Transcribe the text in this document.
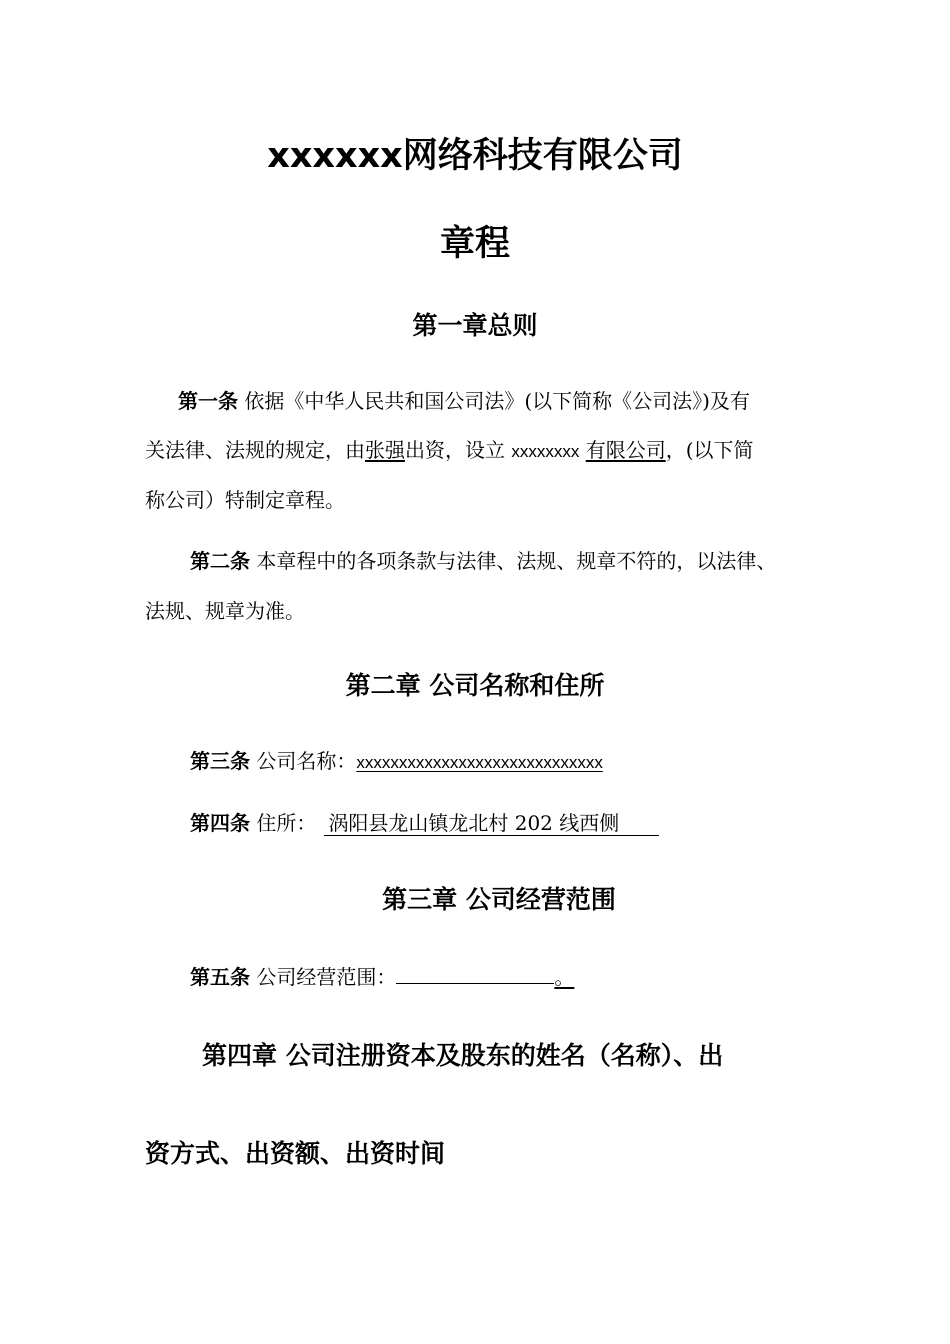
xxxxxx网络科技有限公司
章程
第一章总则
第一条 依据《中华人民共和国公司法》(以下简称《公司法》)及有
关法律、法规的规定，由张强出资，设立 xxxxxxxx 有限公司，(以下简
称公司）特制定章程。
第二条 本章程中的各项条款与法律、法规、规章不符的，以法律、
法规、规章为准。
第二章 公司名称和住所
第三条 公司名称：xxxxxxxxxxxxxxxxxxxxxxxxxxxxx
第四条 住所： 涡阳县龙山镇龙北村 202 线西侧
第三章 公司经营范围
第五条 公司经营范围：	。
第四章 公司注册资本及股东的姓名（名称）、出
资方式、出资额、出资时间
